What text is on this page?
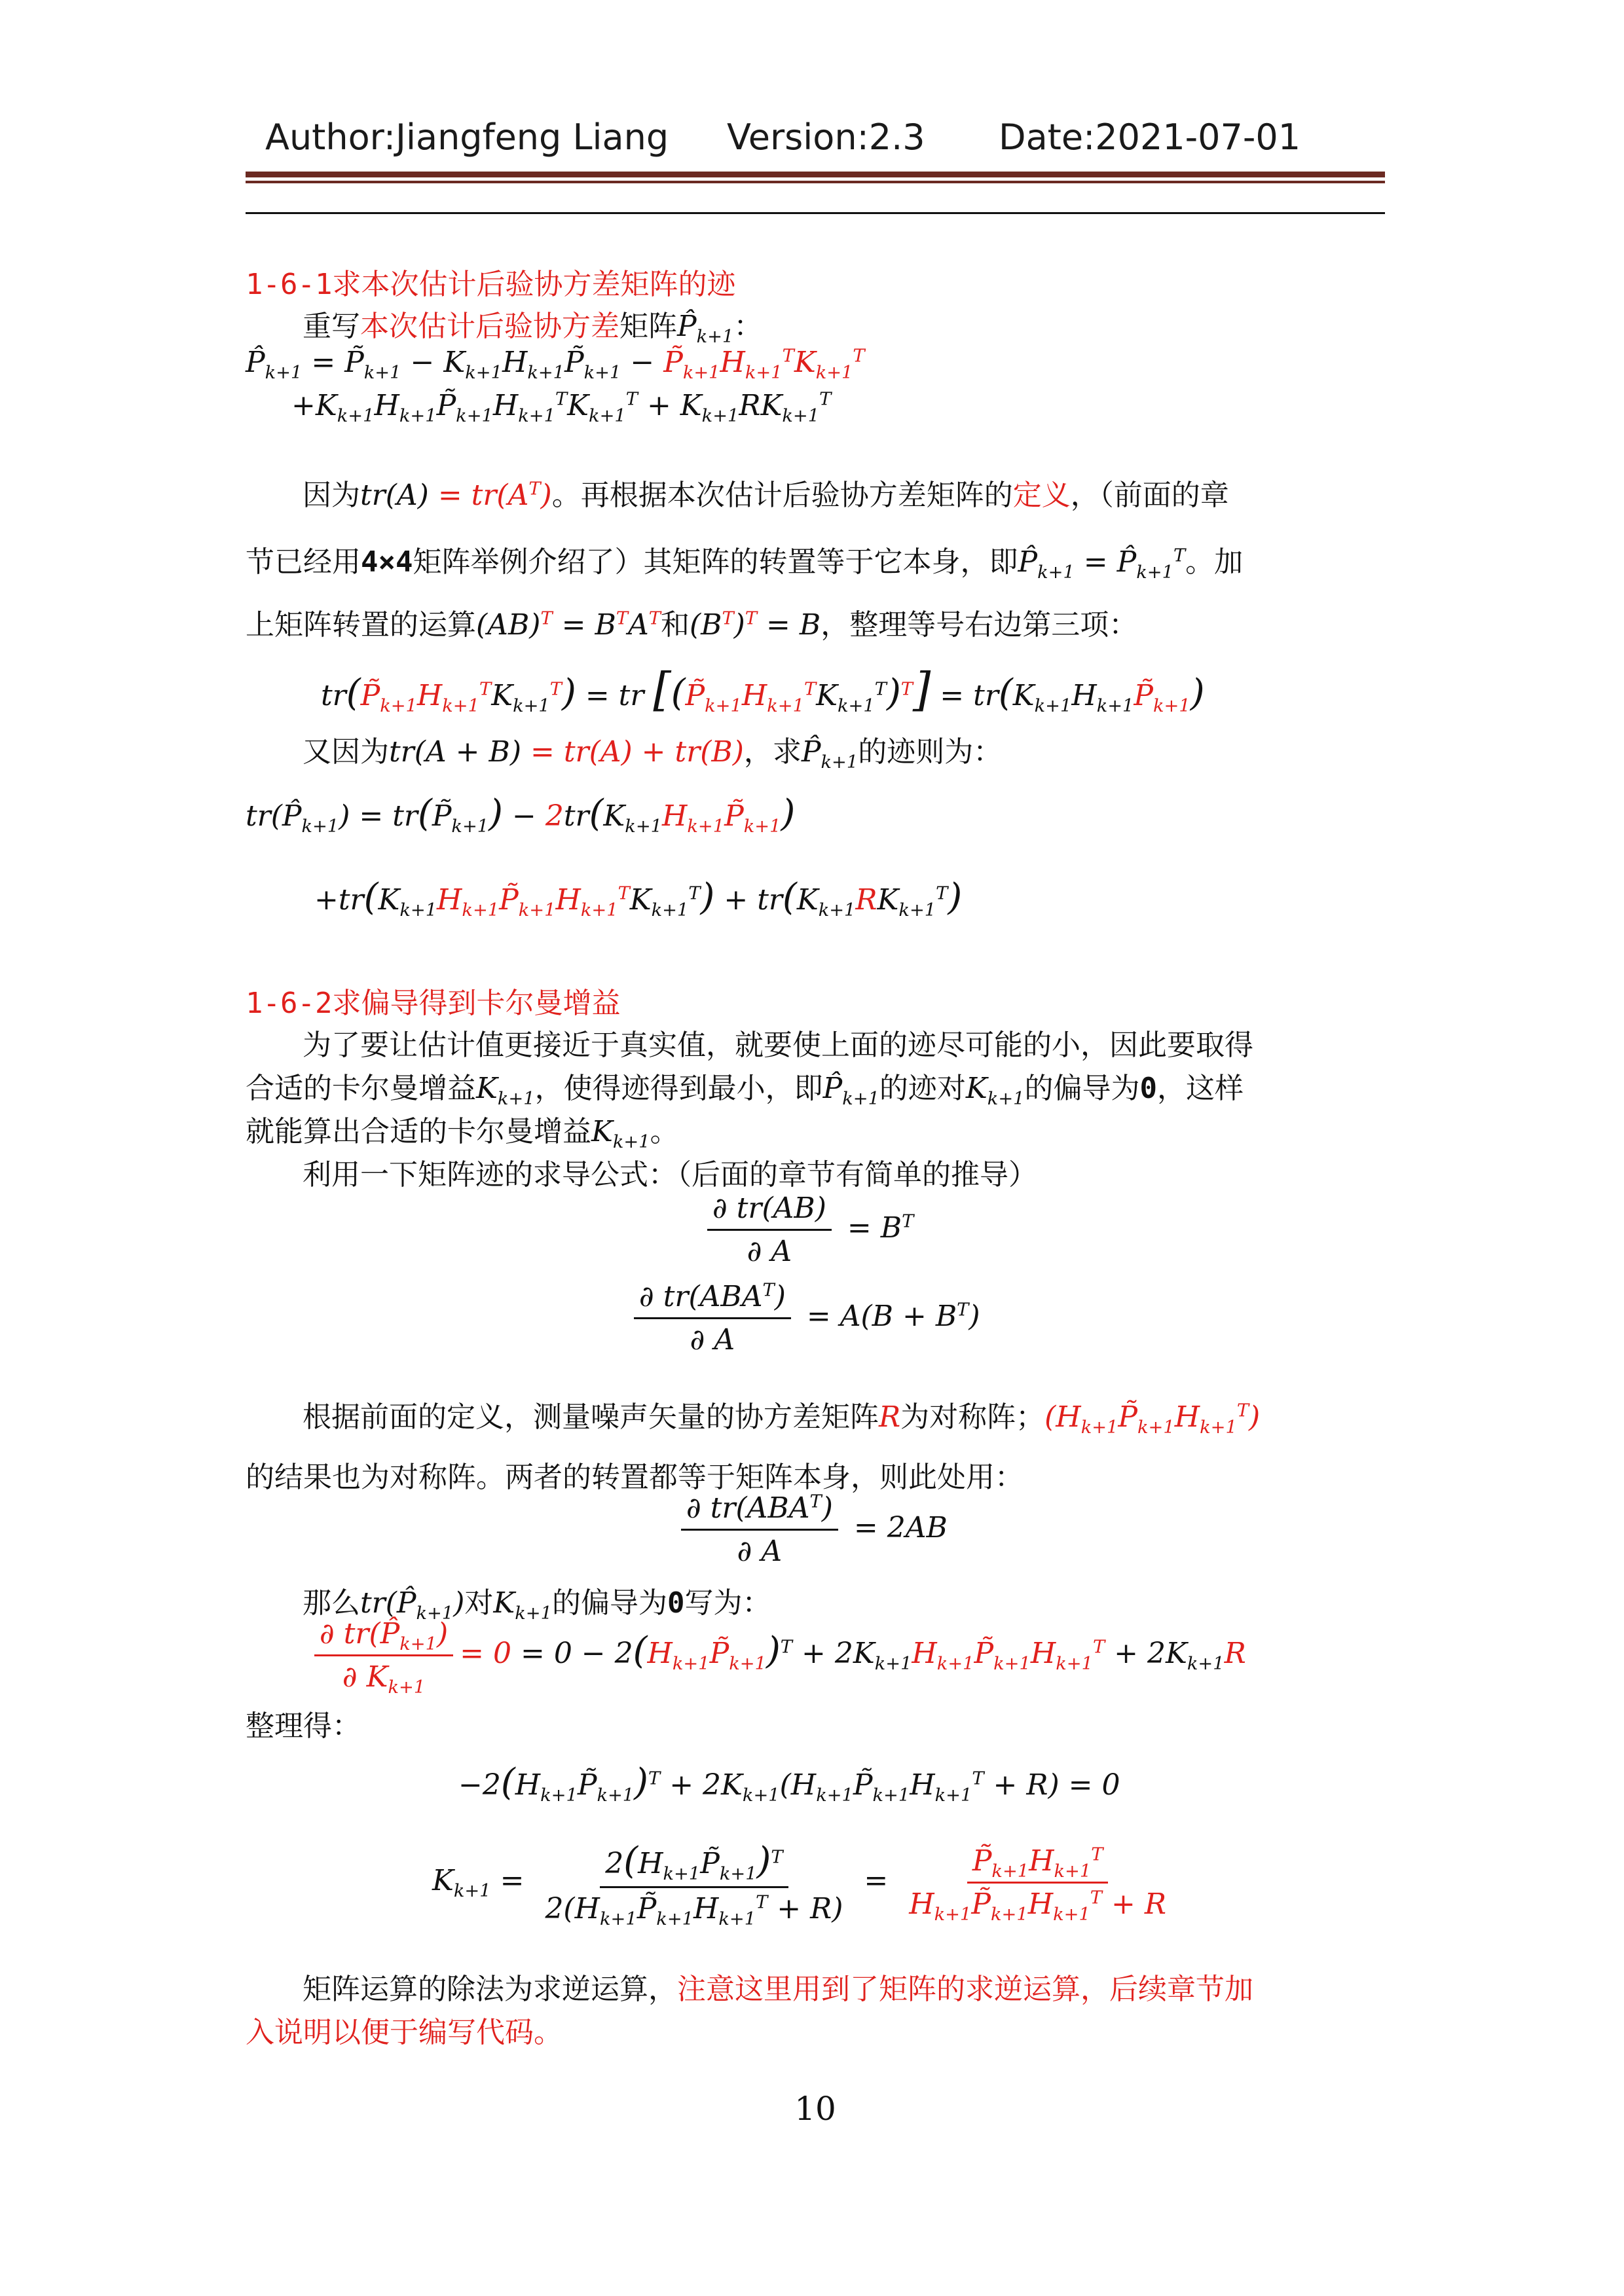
Author:Jiangfeng Liang Version:2.3 Date:2021-07-01
1-6-1求本次估计后验协方差矩阵的迹
重写本次估计后验协方差矩阵$P̂_{k+1}$：
$P̂_{k+1}$ = $P̃_{k+1}$ − $K_{k+1}H_{k+1}P̃_{k+1}$ − $P̃_{k+1}H_{k+1}^TK_{k+1}^T$
$+K_{k+1}H_{k+1}P̃_{k+1}H_{k+1}^TK_{k+1}^T + K_{k+1}RK_{k+1}^T$
因为$tr(A) = tr(A^T)$。再根据本次估计后验协方差矩阵的定义，（前面的章
节已经用4×4矩阵举例介绍了）其矩阵的转置等于它本身，即$P̂_{k+1}$ = $P̂_{k+1}^T$。加
上矩阵转置的运算$(AB)^T = B^TA^T$和$(B^T)^T = B$，整理等号右边第三项：
$tr(P̃_{k+1}H_{k+1}^TK_{k+1}^T)$ = tr $[(P̃_{k+1}H_{k+1}^TK_{k+1}^T)^T]$ = $tr(K_{k+1}H_{k+1}P̃_{k+1})$
又因为tr(A + B) = tr(A) + tr(B)，求$P̂_{k+1}$的迹则为：
$tr(P̂_{k+1})$ = $tr(P̃_{k+1})$ − $2tr(K_{k+1}H_{k+1}P̃_{k+1})$
$+tr(K_{k+1}H_{k+1}P̃_{k+1}H_{k+1}^TK_{k+1}^T) + tr(K_{k+1}RK_{k+1}^T)$
1-6-2求偏导得到卡尔曼增益
为了要让估计值更接近于真实值，就要使上面的迹尽可能的小，因此要取得
合适的卡尔曼增益$K_{k+1}$，使得迹得到最小，即$P̂_{k+1}$的迹对$K_{k+1}$的偏导为0，这样
就能算出合适的卡尔曼增益$K_{k+1}$。
利用一下矩阵迹的求导公式：（后面的章节有简单的推导）
$\frac{\partial tr(AB)}{\partial A} = B^T$
$\frac{\partial tr(ABA^T)}{\partial A} = A(B + B^T)$
根据前面的定义，测量噪声矢量的协方差矩阵R为对称阵；$(H_{k+1}P̃_{k+1}H_{k+1}^T)$
的结果也为对称阵。两者的转置都等于矩阵本身，则此处用：
$\frac{\partial tr(ABA^T)}{\partial A} = 2AB$
那么$tr(P̂_{k+1})$对$K_{k+1}$的偏导为0写为：
$\frac{\partial tr(P̂_{k+1})}{\partial K_{k+1}} = 0 = 0$ − $2(H_{k+1}P̃_{k+1})^T$ + $2K_{k+1}H_{k+1}P̃_{k+1}H_{k+1}^T + 2K_{k+1}R$
整理得：
$-2(H_{k+1}P̃_{k+1})^T$ + $2K_{k+1}(H_{k+1}P̃_{k+1}H_{k+1}^T + R) = 0$
$K_{k+1} = \frac{2(H_{k+1}P̃_{k+1})^T}{2(H_{k+1}P̃_{k+1}H_{k+1}^T + R)} = \frac{P̃_{k+1}H_{k+1}^T}{H_{k+1}P̃_{k+1}H_{k+1}^T + R}$
矩阵运算的除法为求逆运算，注意这里用到了矩阵的求逆运算，后续章节加
入说明以便于编写代码。
10
